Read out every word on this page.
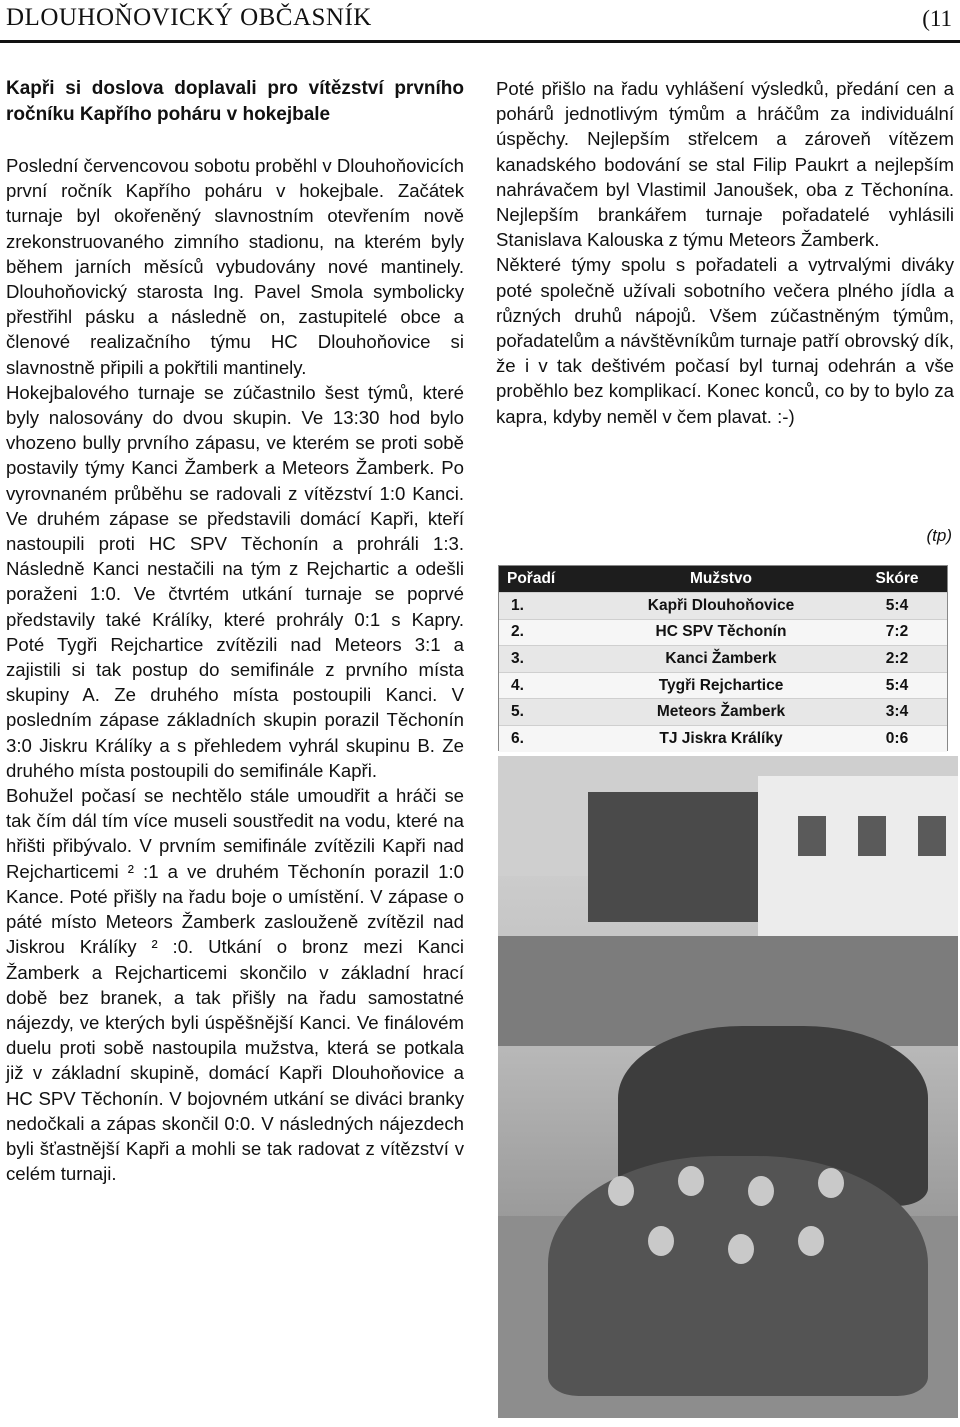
DLOUHOŇOVICKÝ OBČASNÍK	(11

Kapři si doslova doplavali pro vítězství prvního ročníku Kapřího poháru v hokejbale

Poslední červencovou sobotu proběhl v Dlouhoňovicích první ročník Kapřího poháru v hokejbale. Začátek turnaje byl okořeněný slavnostním otevřením nově zrekonstruovaného zimního stadionu, na kterém byly během jarních měsíců vybudovány nové mantinely. Dlouhoňovický starosta Ing. Pavel Smola symbolicky přestřihl pásku a následně on, zastupitelé obce a členové realizačního týmu HC Dlouhoňovice si slavnostně připili a pokřtili mantinely.

Hokejbalového turnaje se zúčastnilo šest týmů, které byly nalosovány do dvou skupin. Ve 13:30 hod bylo vhozeno bully prvního zápasu, ve kterém se proti sobě postavily týmy Kanci Žamberk a Meteors Žamberk. Po vyrovnaném průběhu se radovali z vítězství 1:0 Kanci. Ve druhém zápase se představili domácí Kapři, kteří nastoupili proti HC SPV Těchonín a prohráli 1:3. Následně Kanci nestačili na tým z Rejchartic a odešli poraženi 1:0. Ve čtvrtém utkání turnaje se poprvé představily také Králíky, které prohrály 0:1 s Kapry. Poté Tygři Rejchartice zvítězili nad Meteors 3:1 a zajistili si tak postup do semifinále z prvního místa skupiny A. Ze druhého místa postoupili Kanci. V posledním zápase základních skupin porazil Těchonín 3:0 Jiskru Králíky a s přehledem vyhrál skupinu B. Ze druhého místa postoupili do semifinále Kapři.

Bohužel počasí se nechtělo stále umoudřit a hráči se tak čím dál tím více museli soustředit na vodu, které na hřišti přibývalo. V prvním semifinále zvítězili Kapři nad Rejcharticemi ² :1 a ve druhém Těchonín porazil 1:0 Kance. Poté přišly na řadu boje o umístění. V zápase o páté místo Meteors Žamberk zaslouženě zvítězil nad Jiskrou Králíky ² :0. Utkání o bronz mezi Kanci Žamberk a Rejcharticemi skončilo v základní hrací době bez branek, a tak přišly na řadu samostatné nájezdy, ve kterých byli úspěšnější Kanci. Ve finálovém duelu proti sobě nastoupila mužstva, která se potkala již v základní skupině, domácí Kapři Dlouhoňovice a HC SPV Těchonín. V bojovném utkání se diváci branky nedočkali a zápas skončil 0:0. V následných nájezdech byli šťastnější Kapři a mohli se tak radovat z vítězství v celém turnaji.

Poté přišlo na řadu vyhlášení výsledků, předání cen a pohárů jednotlivým týmům a hráčům za individuální úspěchy. Nejlepším střelcem a zároveň vítězem kanadského bodování se stal Filip Paukrt a nejlepším nahrávačem byl Vlastimil Janoušek, oba z Těchonína. Nejlepším brankářem turnaje pořadatelé vyhlásili Stanislava Kalouska z týmu Meteors Žamberk.

Některé týmy spolu s pořadateli a vytrvalými diváky poté společně užívali sobotního večera plného jídla a různých druhů nápojů. Všem zúčastněným týmům, pořadatelům a návštěvníkům turnaje patří obrovský dík, že i v tak deštivém počasí byl turnaj odehrán a vše proběhlo bez komplikací. Konec konců, co by to bylo za kapra, kdyby neměl v čem plavat. :-)

(tp)
Pořadí	Mužstvo	Skóre
1.	Kapři Dlouhoňovice	5:4
2.	HC SPV Těchonín	7:2
3.	Kanci Žamberk	2:2
4.	Tygři Rejchartice	5:4
5.	Meteors Žamberk	3:4
6.	TJ Jiskra Králíky	0:6
